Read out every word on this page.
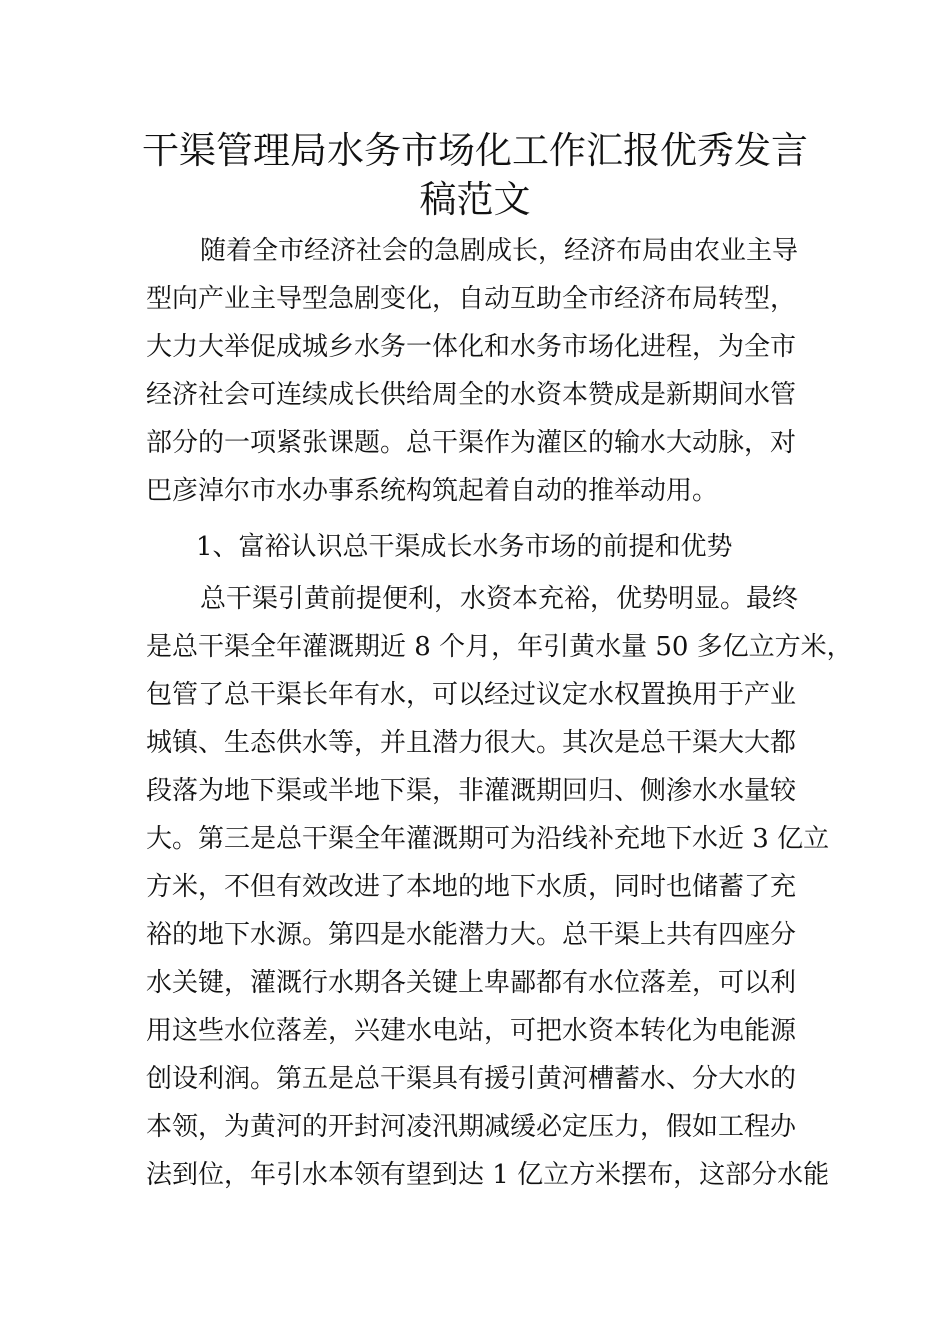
干渠管理局水务市场化工作汇报优秀发言
稿范文

随着全市经济社会的急剧成长，经济布局由农业主导

型向产业主导型急剧变化，自动互助全市经济布局转型，

大力大举促成城乡水务一体化和水务市场化进程，为全市

经济社会可连续成长供给周全的水资本赞成是新期间水管

部分的一项紧张课题。总干渠作为灌区的输水大动脉，对

巴彦淖尔市水办事系统构筑起着自动的推举动用。

1、富裕认识总干渠成长水务市场的前提和优势

总干渠引黄前提便利，水资本充裕，优势明显。最终

是总干渠全年灌溉期近 8 个月，年引黄水量 50 多亿立方米，

包管了总干渠长年有水，可以经过议定水权置换用于产业

城镇、生态供水等，并且潜力很大。其次是总干渠大大都

段落为地下渠或半地下渠，非灌溉期回归、侧渗水水量较

大。第三是总干渠全年灌溉期可为沿线补充地下水近 3 亿立

方米，不但有效改进了本地的地下水质，同时也储蓄了充

裕的地下水源。第四是水能潜力大。总干渠上共有四座分

水关键，灌溉行水期各关键上卑鄙都有水位落差，可以利

用这些水位落差，兴建水电站，可把水资本转化为电能源

创设利润。第五是总干渠具有援引黄河槽蓄水、分大水的

本领，为黄河的开封河凌汛期减缓必定压力，假如工程办

法到位，年引水本领有望到达 1 亿立方米摆布，这部分水能
